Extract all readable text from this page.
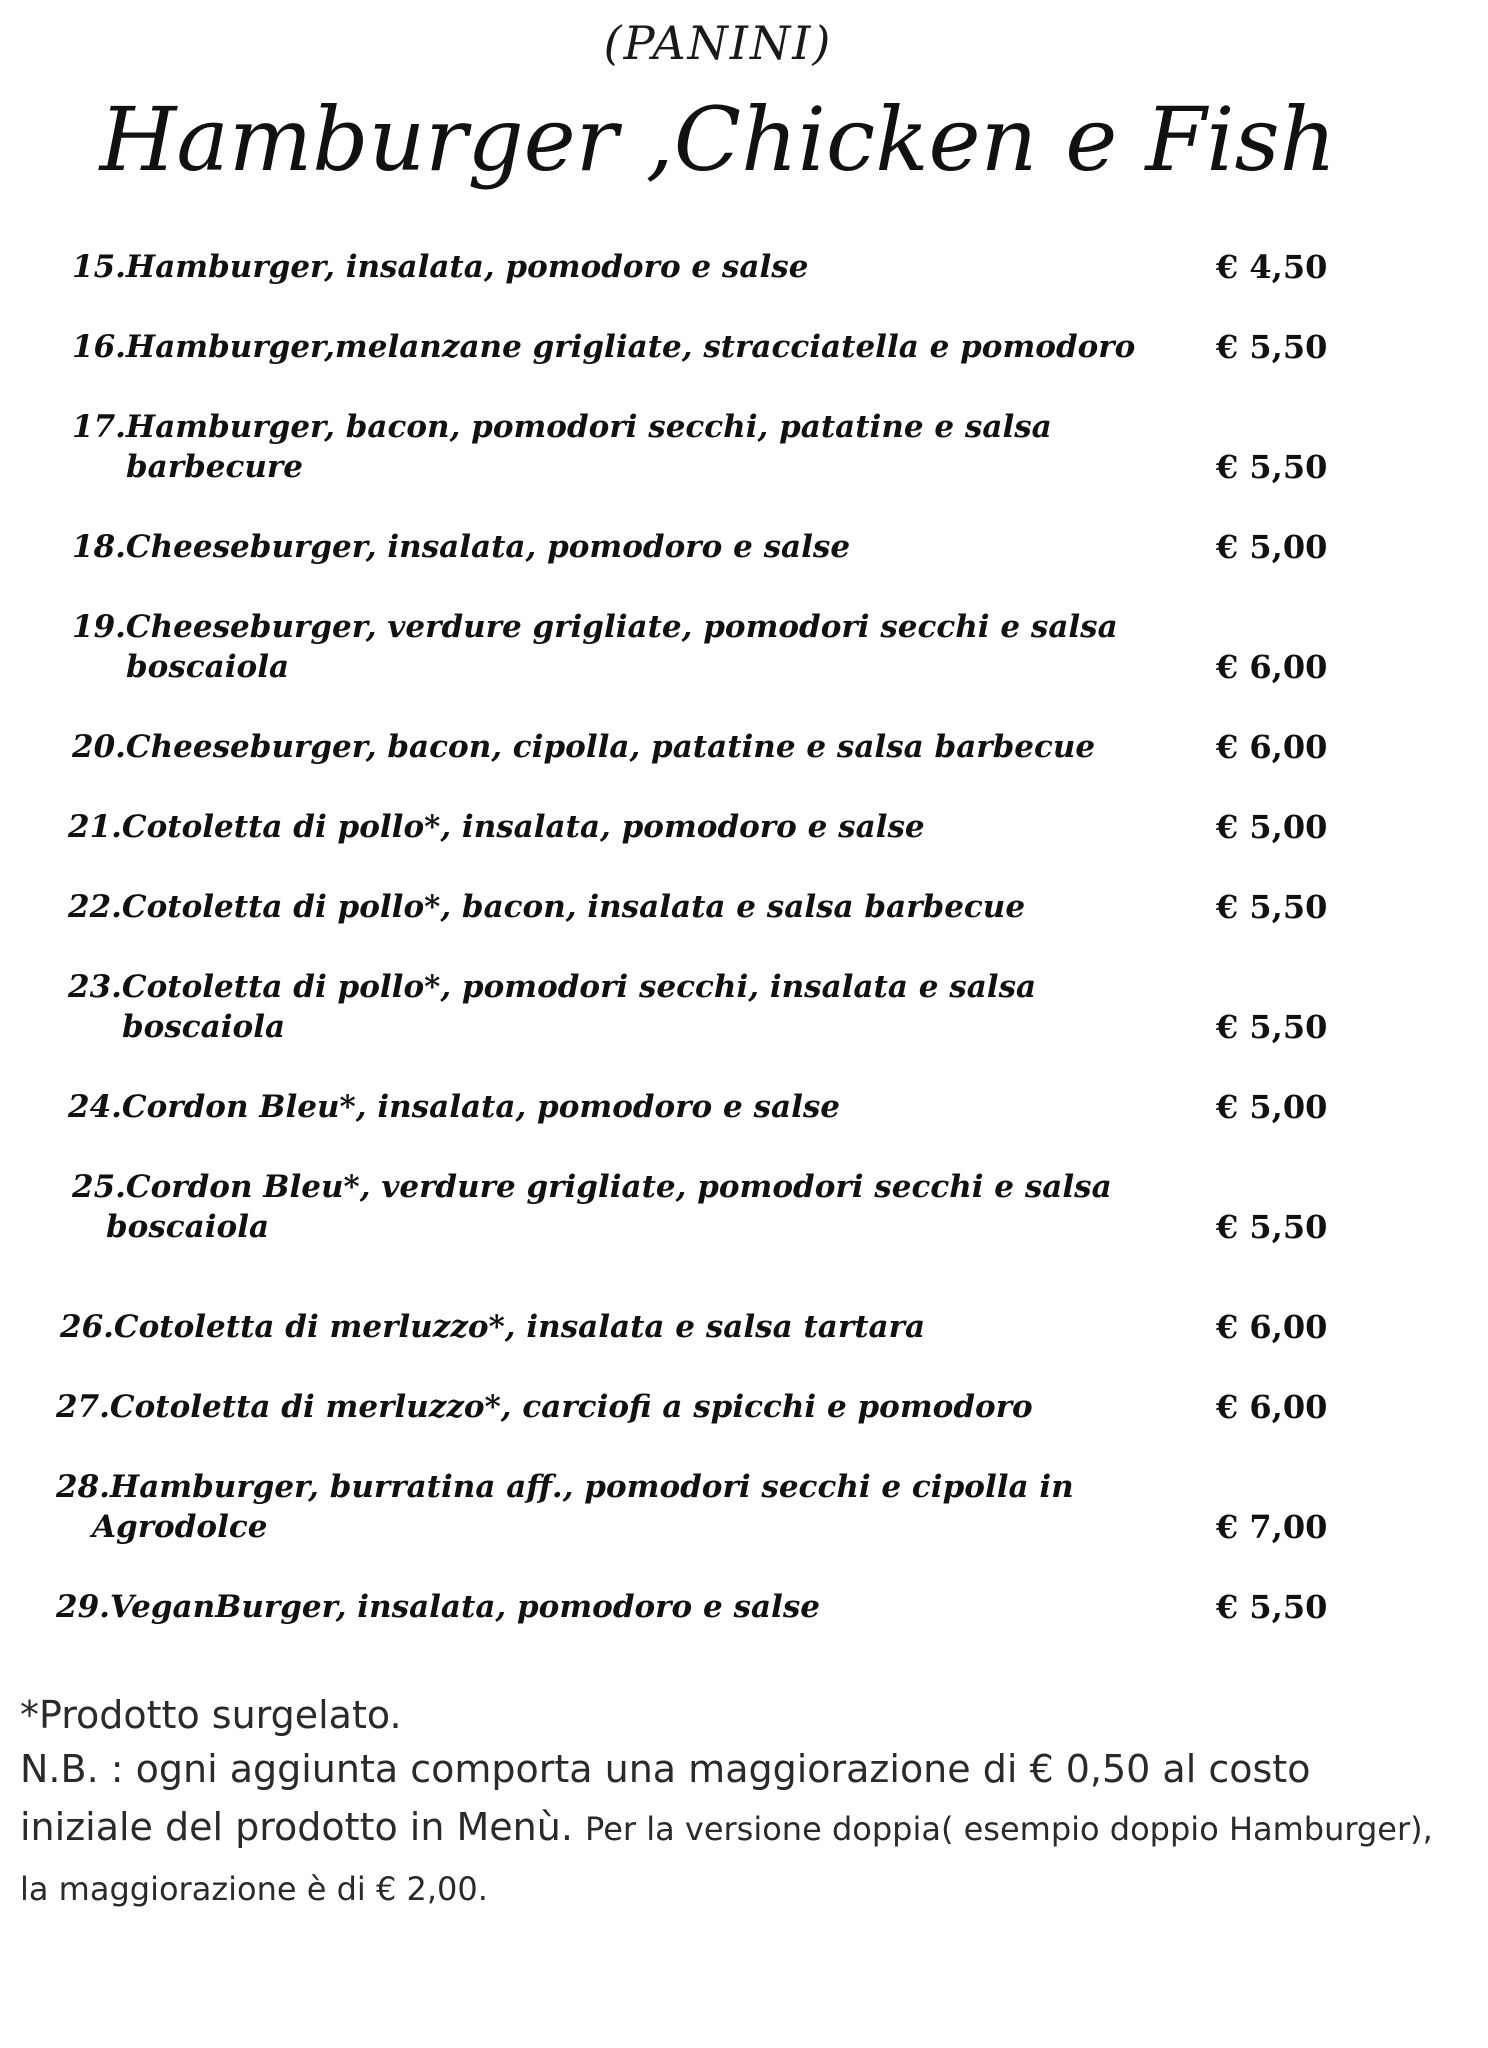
(PANINI)
Hamburger ,Chicken e Fish
15.Hamburger, insalata, pomodoro e salse	€ 4,50
16.Hamburger,melanzane grigliate, stracciatella e pomodoro	€ 5,50
17.Hamburger, bacon, pomodori secchi, patatine e salsa
barbecure	€ 5,50
18.Cheeseburger, insalata, pomodoro e salse	€ 5,00
19.Cheeseburger, verdure grigliate, pomodori secchi e salsa
boscaiola	€ 6,00
20.Cheeseburger, bacon, cipolla, patatine e salsa barbecue	€ 6,00
21.Cotoletta di pollo*, insalata, pomodoro e salse	€ 5,00
22.Cotoletta di pollo*, bacon, insalata e salsa barbecue	€ 5,50
23.Cotoletta di pollo*, pomodori secchi, insalata e salsa
boscaiola	€ 5,50
24.Cordon Bleu*, insalata, pomodoro e salse	€ 5,00
25.Cordon Bleu*, verdure grigliate, pomodori secchi e salsa
boscaiola	€ 5,50
26.Cotoletta di merluzzo*, insalata e salsa tartara	€ 6,00
27.Cotoletta di merluzzo*, carciofi a spicchi e pomodoro	€ 6,00
28.Hamburger, burratina aff., pomodori secchi e cipolla in
Agrodolce	€ 7,00
29.VeganBurger, insalata, pomodoro e salse	€ 5,50
*Prodotto surgelato.
N.B. : ogni aggiunta comporta una maggiorazione di € 0,50 al costo iniziale del prodotto in Menù. Per la versione doppia( esempio doppio Hamburger), la maggiorazione è di € 2,00.
